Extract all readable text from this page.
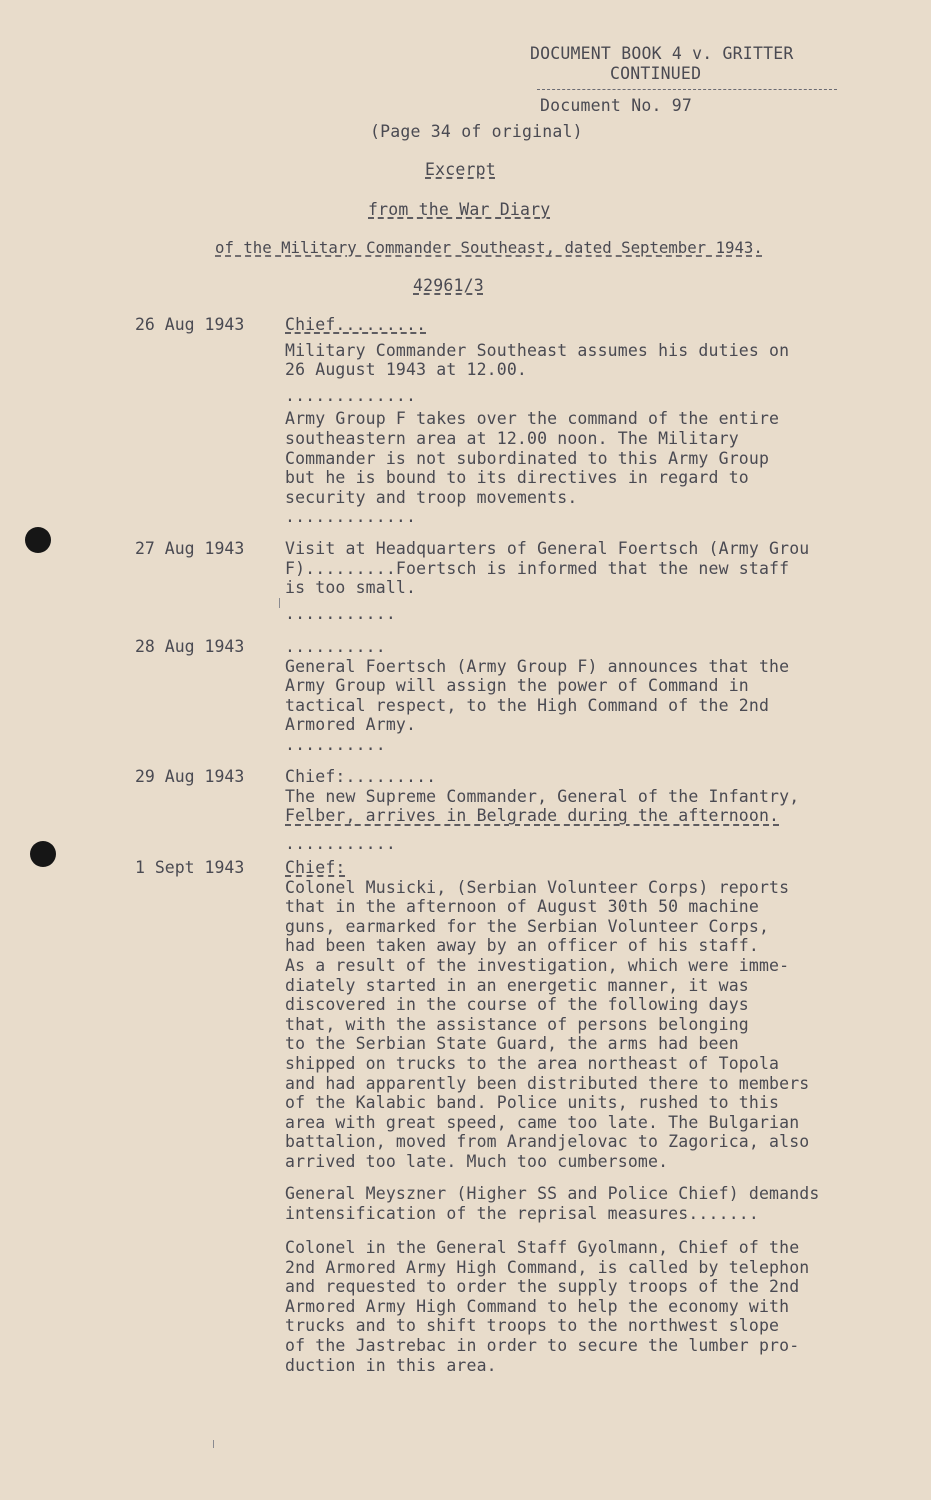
DOCUMENT BOOK 4 v. GRITTER
CONTINUED
Document No. 97
(Page 34 of original)
Excerpt
from the War Diary
of the Military Commander Southeast, dated September 1943.
42961/3
26 Aug 1943 Chief.........
Military Commander Southeast assumes his duties on
26 August 1943 at 12.00.
.............
Army Group F takes over the command of the entire
southeastern area at 12.00 noon. The Military
Commander is not subordinated to this Army Group
but he is bound to its directives in regard to
security and troop movements.
.............
27 Aug 1943 Visit at Headquarters of General Foertsch (Army Grou
F).........Foertsch is informed that the new staff
is too small.
...........
28 Aug 1943 ..........
General Foertsch (Army Group F) announces that the
Army Group will assign the power of Command in
tactical respect, to the High Command of the 2nd
Armored Army.
..........
29 Aug 1943 Chief:.........
The new Supreme Commander, General of the Infantry,
Felber, arrives in Belgrade during the afternoon.
...........
1 Sept 1943 Chief:
Colonel Musicki, (Serbian Volunteer Corps) reports
that in the afternoon of August 30th 50 machine
guns, earmarked for the Serbian Volunteer Corps,
had been taken away by an officer of his staff.
As a result of the investigation, which were imme-
diately started in an energetic manner, it was
discovered in the course of the following days
that, with the assistance of persons belonging
to the Serbian State Guard, the arms had been
shipped on trucks to the area northeast of Topola
and had apparently been distributed there to members
of the Kalabic band. Police units, rushed to this
area with great speed, came too late. The Bulgarian
battalion, moved from Arandjelovac to Zagorica, also
arrived too late. Much too cumbersome.
General Meyszner (Higher SS and Police Chief) demands
intensification of the reprisal measures.......
Colonel in the General Staff Gyolmann, Chief of the
2nd Armored Army High Command, is called by telephon
and requested to order the supply troops of the 2nd
Armored Army High Command to help the economy with
trucks and to shift troops to the northwest slope
of the Jastrebac in order to secure the lumber pro-
duction in this area.
